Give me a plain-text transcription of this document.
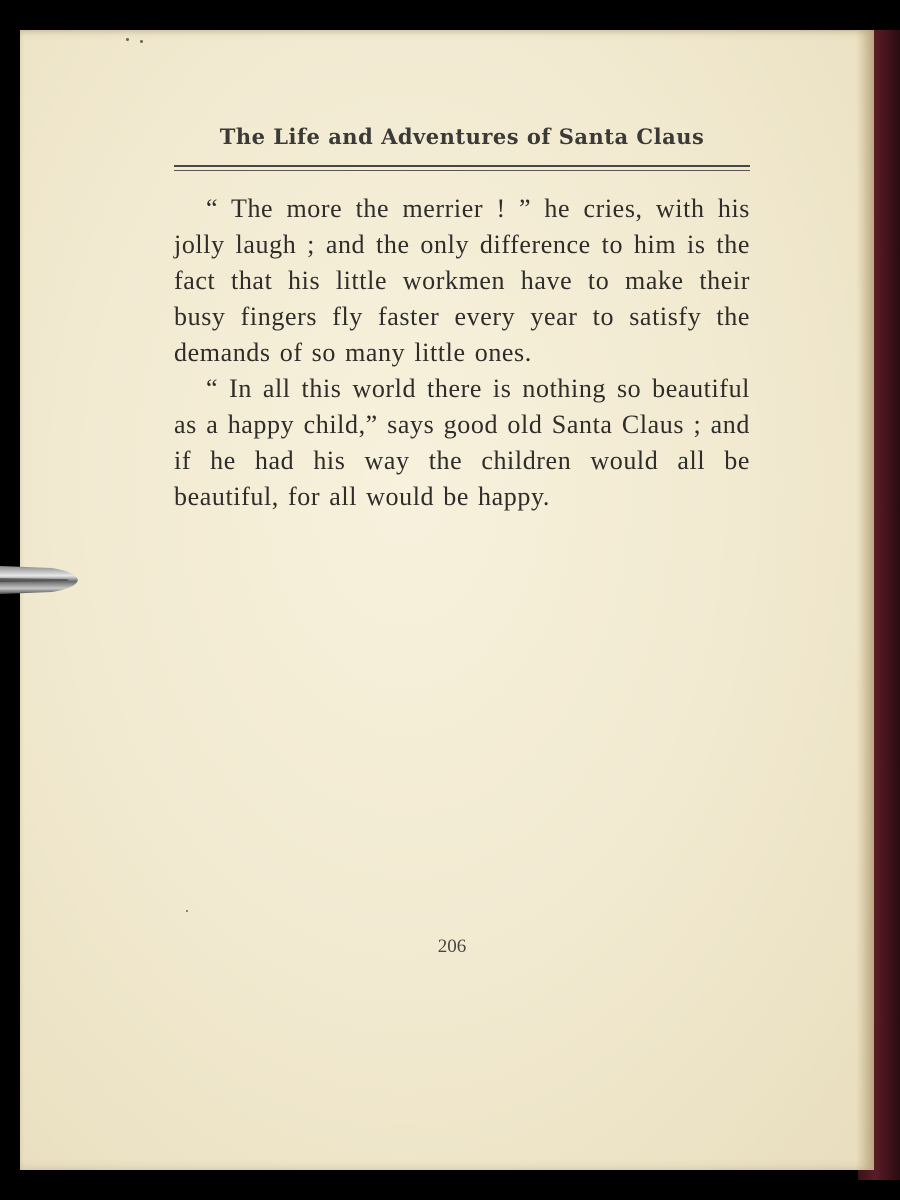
The Life and Adventures of Santa Claus

“ The more the merrier ! ” he cries, with his jolly laugh ; and the only difference to him is the fact that his little workmen have to make their busy fingers fly faster every year to satisfy the demands of so many little ones.

“ In all this world there is nothing so beautiful as a happy child,” says good old Santa Claus ; and if he had his way the children would all be beautiful, for all would be happy.

206
